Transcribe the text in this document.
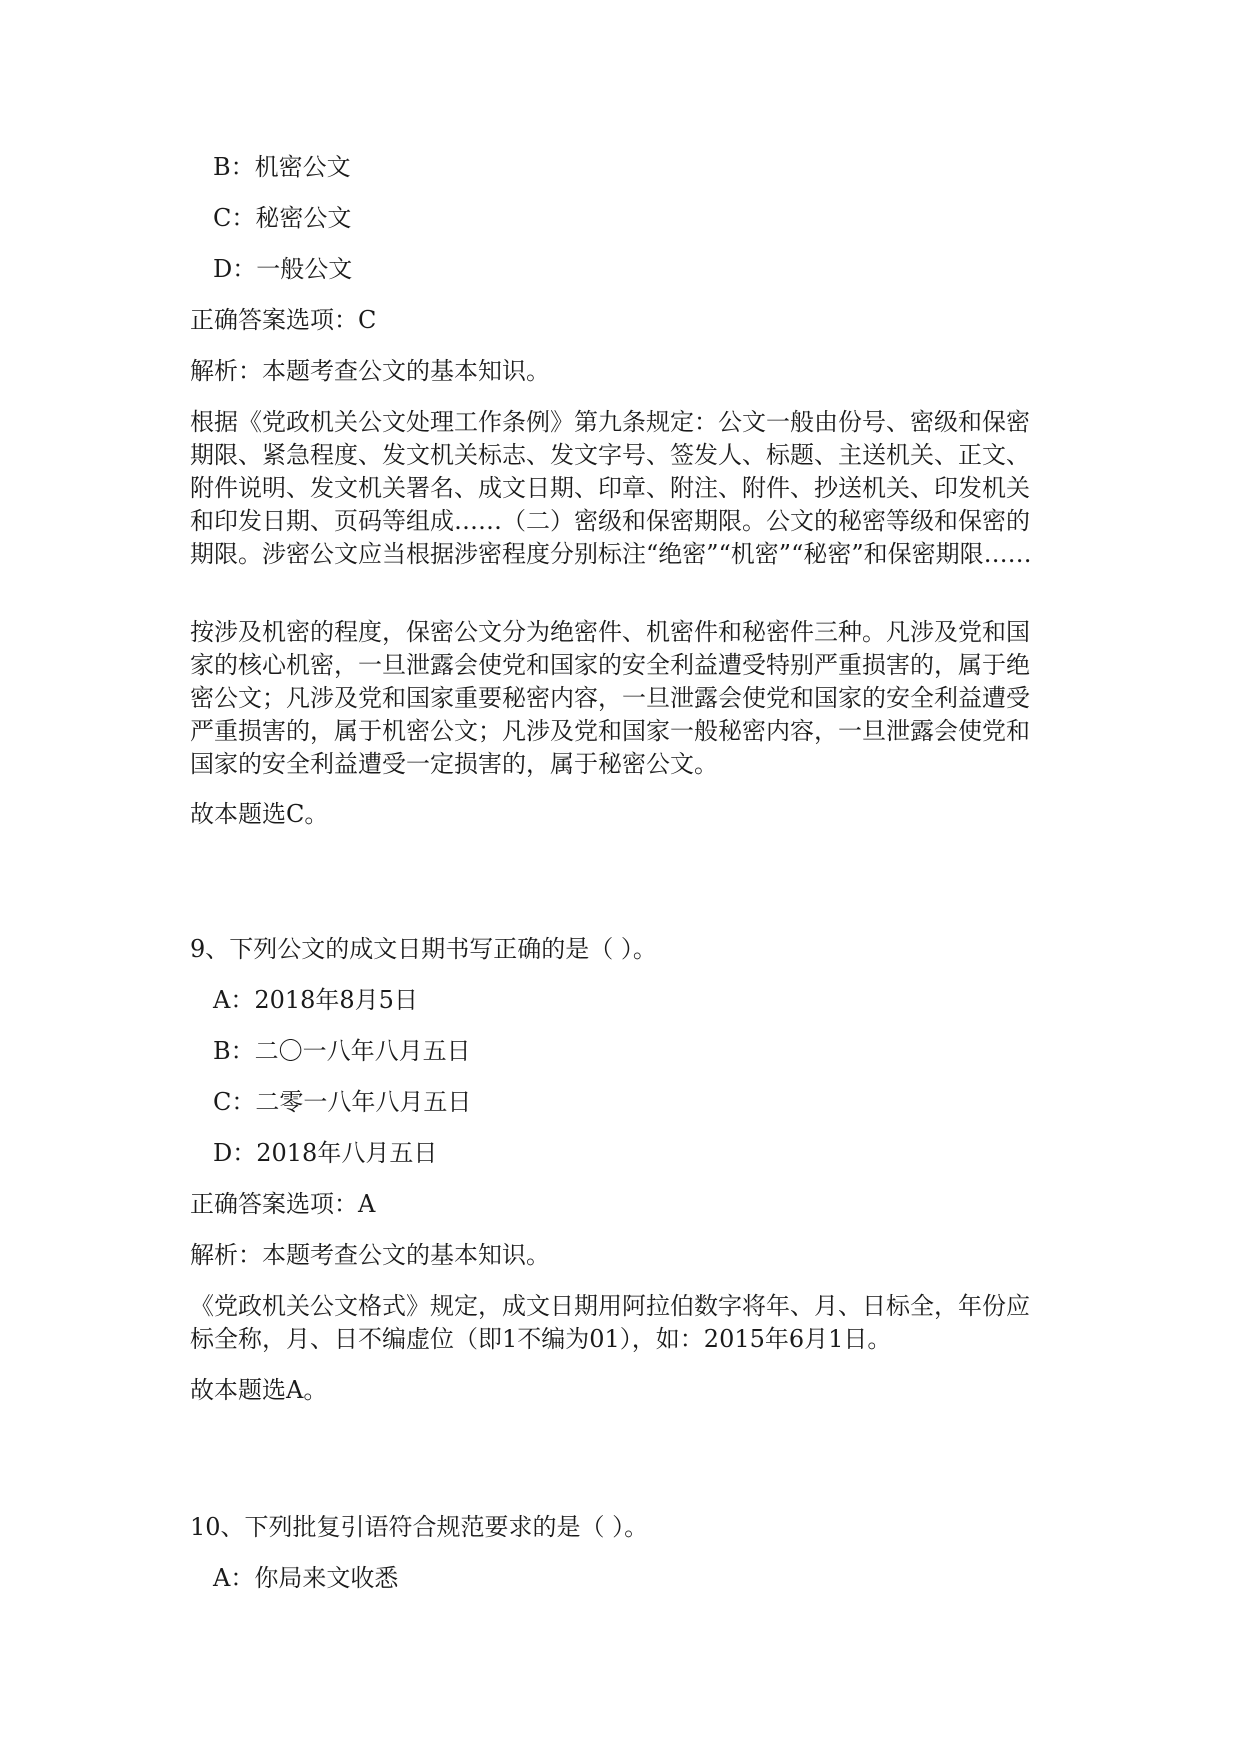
B：机密公文
C：秘密公文
D：一般公文
正确答案选项：C
解析：本题考查公文的基本知识。
根据《党政机关公文处理工作条例》第九条规定：公文一般由份号、密级和保密期限、紧急程度、发文机关标志、发文字号、签发人、标题、主送机关、正文、附件说明、发文机关署名、成文日期、印章、附注、附件、抄送机关、印发机关和印发日期、页码等组成……（二）密级和保密期限。公文的秘密等级和保密的期限。涉密公文应当根据涉密程度分别标注“绝密”“机密”“秘密”和保密期限……
按涉及机密的程度，保密公文分为绝密件、机密件和秘密件三种。凡涉及党和国家的核心机密，一旦泄露会使党和国家的安全利益遭受特别严重损害的，属于绝密公文；凡涉及党和国家重要秘密内容，一旦泄露会使党和国家的安全利益遭受严重损害的，属于机密公文；凡涉及党和国家一般秘密内容，一旦泄露会使党和国家的安全利益遭受一定损害的，属于秘密公文。
故本题选C。
9、下列公文的成文日期书写正确的是（ ）。
A：2018年8月5日
B：二〇一八年八月五日
C：二零一八年八月五日
D：2018年八月五日
正确答案选项：A
解析：本题考查公文的基本知识。
《党政机关公文格式》规定，成文日期用阿拉伯数字将年、月、日标全，年份应标全称，月、日不编虚位（即1不编为01），如：2015年6月1日。
故本题选A。
10、下列批复引语符合规范要求的是（ ）。
A：你局来文收悉
